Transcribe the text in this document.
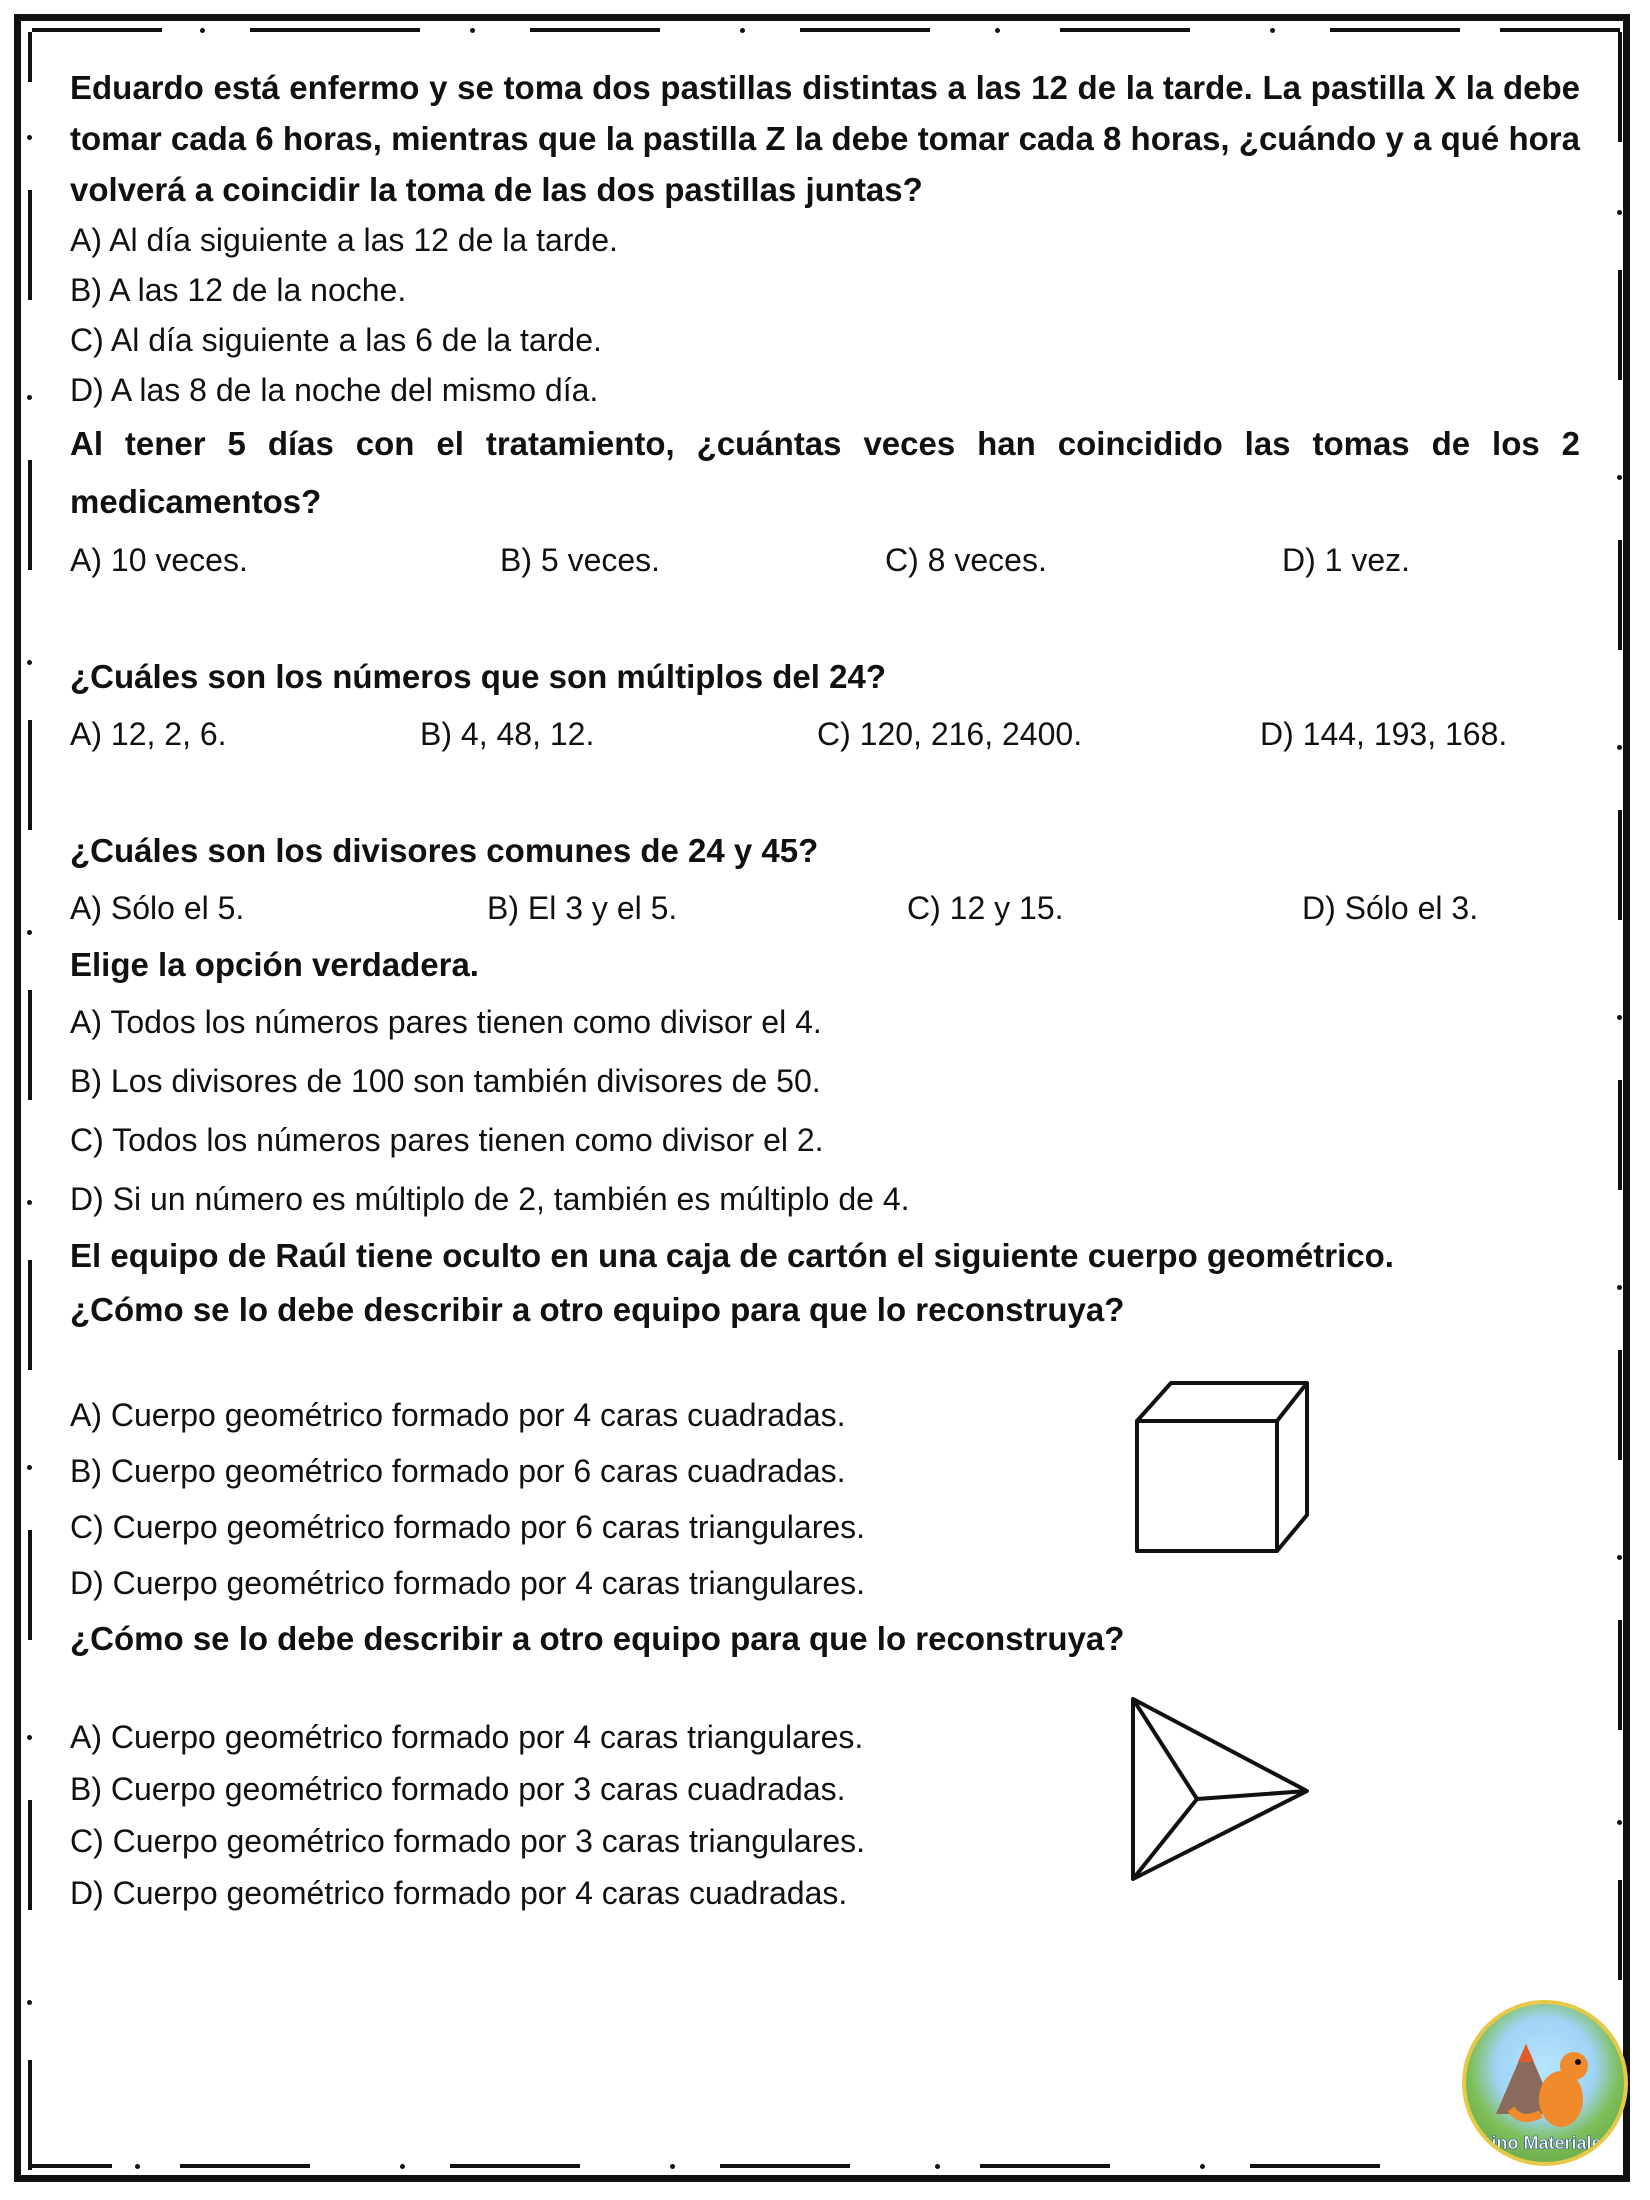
Eduardo está enfermo y se toma dos pastillas distintas a las 12 de la tarde. La pastilla X la debe tomar cada 6 horas, mientras que la pastilla Z la debe tomar cada 8 horas, ¿cuándo y a qué hora volverá a coincidir la toma de las dos pastillas juntas?

A) Al día siguiente a las 12 de la tarde.

B) A las 12 de la noche.

C) Al día siguiente a las 6 de la tarde.

D) A las 8 de la noche del mismo día.

Al tener 5 días con el tratamiento, ¿cuántas veces han coincidido las tomas de los 2 medicamentos?

A) 10 veces.	B) 5 veces.	C) 8 veces.	D) 1 vez.

¿Cuáles son los números que son múltiplos del 24?

A) 12, 2, 6.	B) 4, 48, 12.	C) 120, 216, 2400.	D) 144, 193, 168.

¿Cuáles son los divisores comunes de 24 y 45?

A) Sólo el 5.	B) El 3 y el 5.	C) 12 y 15.	D) Sólo el 3.

Elige la opción verdadera.

A) Todos los números pares tienen como divisor el 4.

B) Los divisores de 100 son también divisores de 50.

C) Todos los números pares tienen como divisor el 2.

D) Si un número es múltiplo de 2, también es múltiplo de 4.

El equipo de Raúl tiene oculto en una caja de cartón el siguiente cuerpo geométrico.

¿Cómo se lo debe describir a otro equipo para que lo reconstruya?

A) Cuerpo geométrico formado por 4 caras cuadradas.

B) Cuerpo geométrico formado por 6 caras cuadradas.

C) Cuerpo geométrico formado por 6 caras triangulares.

D) Cuerpo geométrico formado por 4 caras triangulares.

¿Cómo se lo debe describir a otro equipo para que lo reconstruya?

A) Cuerpo geométrico formado por 4 caras triangulares.

B) Cuerpo geométrico formado por 3 caras cuadradas.

C) Cuerpo geométrico formado por 3 caras triangulares.

D) Cuerpo geométrico formado por 4 caras cuadradas.

Dino Materiales
